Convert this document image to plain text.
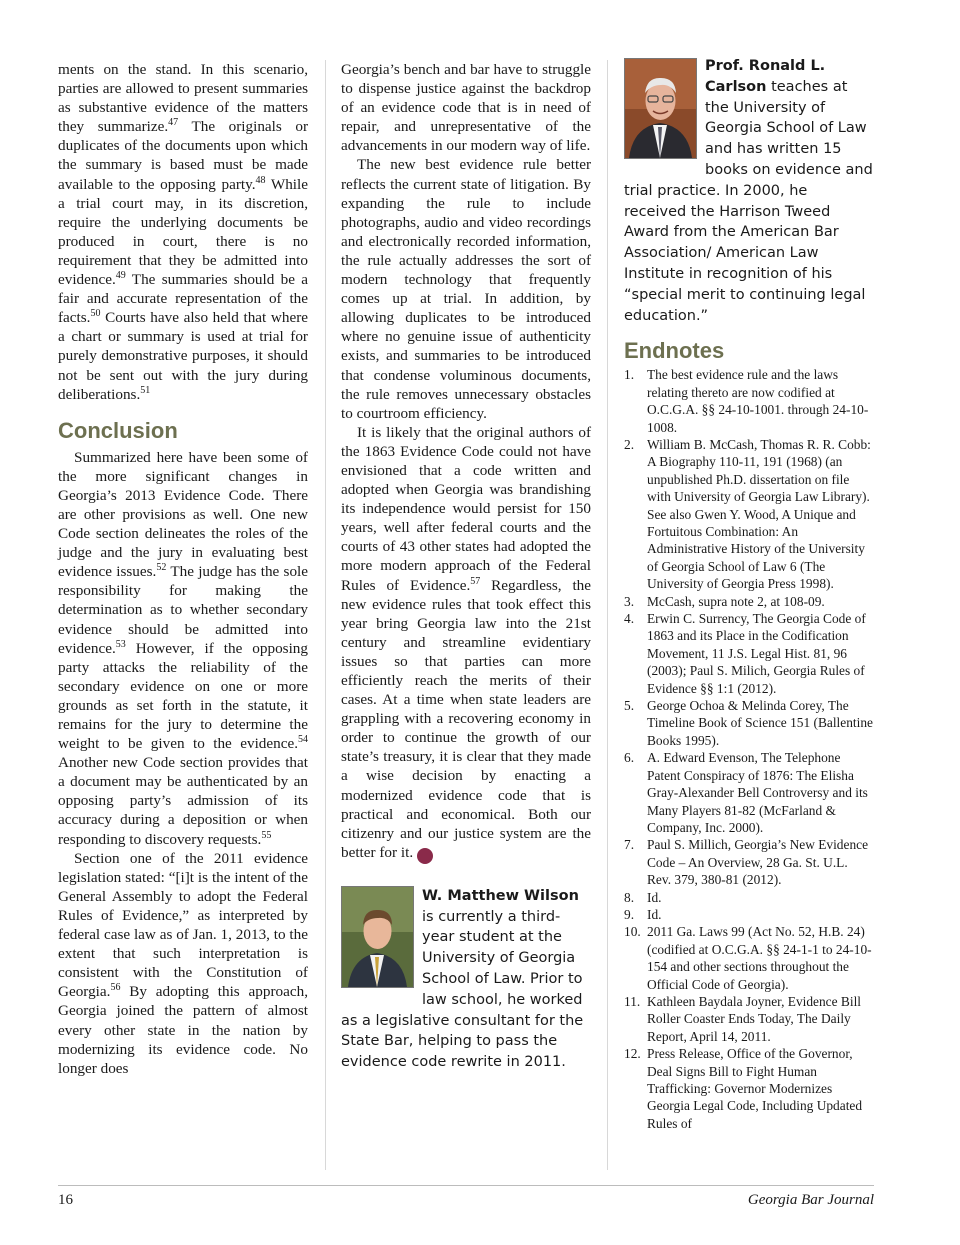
ments on the stand. In this scenario, parties are allowed to present summaries as substantive evidence of the matters they summarize.$^{47}$ The originals or duplicates of the documents upon which the summary is based must be made available to the opposing party.$^{48}$ While a trial court may, in its discretion, require the underlying documents be produced in court, there is no requirement that they be admitted into evidence.$^{49}$ The summaries should be a fair and accurate representation of the facts.$^{50}$ Courts have also held that where a chart or summary is used at trial for purely demonstrative purposes, it should not be sent out with the jury during deliberations.$^{51}$

Conclusion

Summarized here have been some of the more significant changes in Georgia’s 2013 Evidence Code. There are other provisions as well. One new Code section delineates the roles of the judge and the jury in evaluating best evidence issues.$^{52}$ The judge has the sole responsibility for making the determination as to whether secondary evidence should be admitted into evidence.$^{53}$ However, if the opposing party attacks the reliability of the secondary evidence on one or more grounds as set forth in the statute, it remains for the jury to determine the weight to be given to the evidence.$^{54}$ Another new Code section provides that a document may be authenticated by an opposing party’s admission of its accuracy during a deposition or when responding to discovery requests.$^{55}$

Section one of the 2011 evidence legislation stated: “[i]t is the intent of the General Assembly to adopt the Federal Rules of Evidence,” as interpreted by federal case law as of Jan. 1, 2013, to the extent that such interpretation is consistent with the Constitution of Georgia.$^{56}$ By adopting this approach, Georgia joined the pattern of almost every other state in the nation by modernizing its evidence code. No longer does

Georgia’s bench and bar have to struggle to dispense justice against the backdrop of an evidence code that is in need of repair, and unrepresentative of the advancements in our modern way of life.

The new best evidence rule better reflects the current state of litigation. By expanding the rule to include photographs, audio and video recordings and electronically recorded information, the rule actually addresses the sort of modern technology that frequently comes up at trial. In addition, by allowing duplicates to be introduced where no genuine issue of authenticity exists, and summaries to be introduced that condense voluminous documents, the rule removes unnecessary obstacles to courtroom efficiency.

It is likely that the original authors of the 1863 Evidence Code could not have envisioned that a code written and adopted when Georgia was brandishing its independence would persist for 150 years, well after federal courts and the courts of 43 other states had adopted the more modern approach of the Federal Rules of Evidence.$^{57}$ Regardless, the new evidence rules that took effect this year bring Georgia law into the 21st century and streamline evidentiary issues so that parties can more efficiently reach the merits of their cases. At a time when state leaders are grappling with a recovering economy in order to continue the growth of our state’s treasury, it is clear that they made a wise decision by enacting a modernized evidence code that is practical and economical. Both our citizenry and our justice system are the better for it.	GBJ

W. Matthew Wilson is currently a third-year student at the University of Georgia School of Law. Prior to law school, he worked as a legislative consultant for the State Bar, helping to pass the evidence code rewrite in 2011.
Prof. Ronald L. Carlson teaches at the University of Georgia School of Law and has written 15 books on evidence and trial practice. In 2000, he received the Harrison Tweed Award from the American Bar Association/ American Law Institute in recognition of his “special merit to continuing legal education.”
Endnotes
1. The best evidence rule and the laws relating thereto are now codified at O.C.G.A. §§ 24-10-1001. through 24-10-1008.
2. William B. McCash, Thomas R. R. Cobb: A Biography 110-11, 191 (1968) (an unpublished Ph.D. dissertation on file with University of Georgia Law Library). See also Gwen Y. Wood, A Unique and Fortuitous Combination: An Administrative History of the University of Georgia School of Law 6 (The University of Georgia Press 1998).
3. McCash, supra note 2, at 108-09.
4. Erwin C. Surrency, The Georgia Code of 1863 and its Place in the Codification Movement, 11 J.S. Legal Hist. 81, 96 (2003); Paul S. Milich, Georgia Rules of Evidence §§ 1:1 (2012).
5. George Ochoa & Melinda Corey, The Timeline Book of Science 151 (Ballentine Books 1995).
6. A. Edward Evenson, The Telephone Patent Conspiracy of 1876: The Elisha Gray-Alexander Bell Controversy and its Many Players 81-82 (McFarland & Company, Inc. 2000).
7. Paul S. Millich, Georgia’s New Evidence Code – An Overview, 28 Ga. St. U.L. Rev. 379, 380-81 (2012).
8. Id.
9. Id.
10. 2011 Ga. Laws 99 (Act No. 52, H.B. 24) (codified at O.C.G.A. §§ 24-1-1 to 24-10-154 and other sections throughout the Official Code of Georgia).
11. Kathleen Baydala Joyner, Evidence Bill Roller Coaster Ends Today, The Daily Report, April 14, 2011.
12. Press Release, Office of the Governor, Deal Signs Bill to Fight Human Trafficking: Governor Modernizes Georgia Legal Code, Including Updated Rules of
16	Georgia Bar Journal
